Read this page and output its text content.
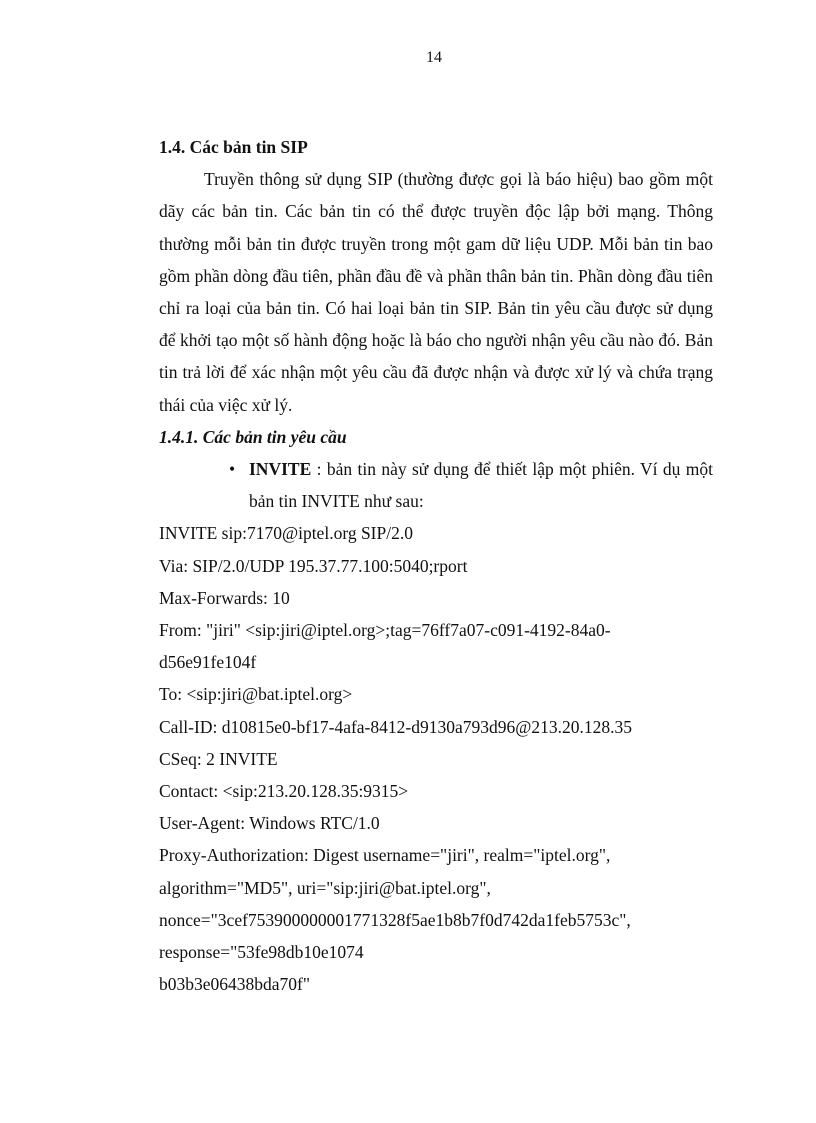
14

1.4. Các bản tin SIP

Truyền thông sử dụng SIP (thường được gọi là báo hiệu) bao gồm một dãy các bản tin. Các bản tin có thể được truyền độc lập bởi mạng. Thông thường mỗi bản tin được truyền trong một gam dữ liệu UDP. Mỗi bản tin bao gồm phần dòng đầu tiên, phần đầu đề và phần thân bản tin. Phần dòng đầu tiên chỉ ra loại của bản tin. Có hai loại bản tin SIP. Bản tin yêu cầu được sử dụng để khởi tạo một số hành động hoặc là báo cho người nhận yêu cầu nào đó. Bản tin trả lời để xác nhận một yêu cầu đã được nhận và được xử lý và chứa trạng thái của việc xử lý.

1.4.1. Các bản tin yêu cầu

• INVITE : bản tin này sử dụng để thiết lập một phiên. Ví dụ một bản tin INVITE như sau:

INVITE sip:7170@iptel.org SIP/2.0

Via: SIP/2.0/UDP 195.37.77.100:5040;rport

Max-Forwards: 10

From: "jiri" <sip:jiri@iptel.org>;tag=76ff7a07-c091-4192-84a0-

d56e91fe104f

To: <sip:jiri@bat.iptel.org>

Call-ID: d10815e0-bf17-4afa-8412-d9130a793d96@213.20.128.35

CSeq: 2 INVITE

Contact: <sip:213.20.128.35:9315>

User-Agent: Windows RTC/1.0

Proxy-Authorization: Digest username="jiri", realm="iptel.org",

algorithm="MD5", uri="sip:jiri@bat.iptel.org",

nonce="3cef753900000001771328f5ae1b8b7f0d742da1feb5753c",

response="53fe98db10e1074

b03b3e06438bda70f"
